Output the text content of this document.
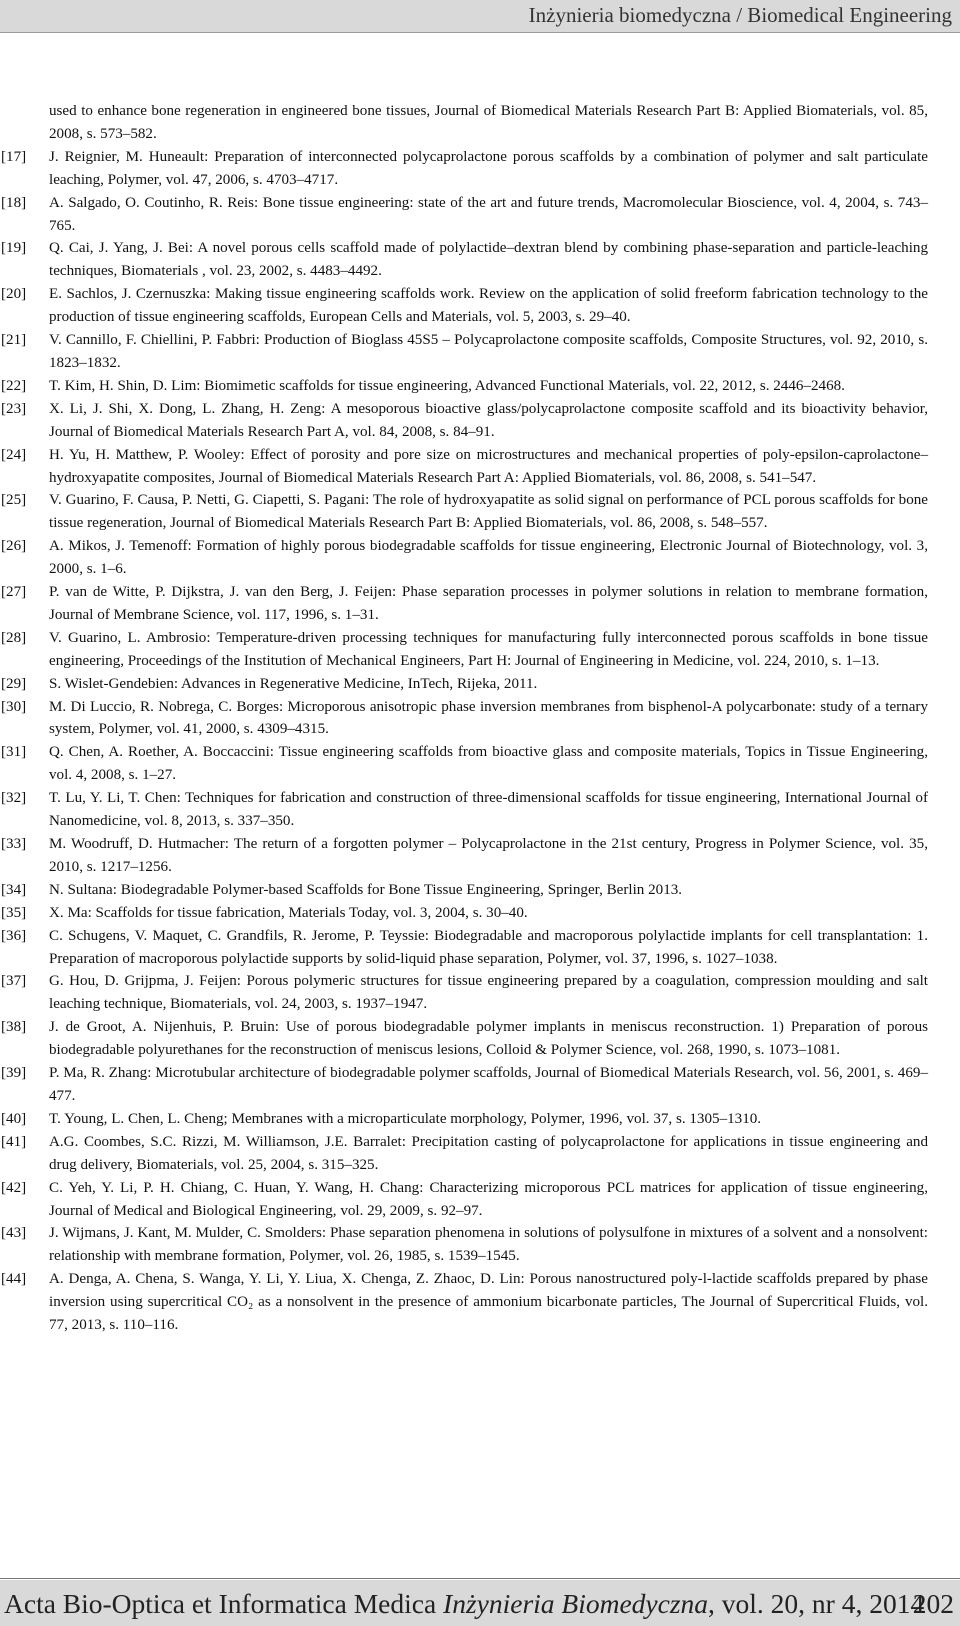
Inżynieria biomedyczna / Biomedical Engineering
used to enhance bone regeneration in engineered bone tissues, Journal of Biomedical Materials Research Part B: Applied Biomaterials, vol. 85, 2008, s. 573–582.
[17]	J. Reignier, M. Huneault: Preparation of interconnected polycaprolactone porous scaffolds by a combination of polymer and salt particulate leaching, Polymer, vol. 47, 2006, s. 4703–4717.
[18]	A. Salgado, O. Coutinho, R. Reis: Bone tissue engineering: state of the art and future trends, Macromolecular Bioscience, vol. 4, 2004, s. 743–765.
[19]	Q. Cai, J. Yang, J. Bei: A novel porous cells scaffold made of polylactide–dextran blend by combining phase-separation and particle-leaching techniques, Biomaterials , vol. 23, 2002, s. 4483–4492.
[20]	E. Sachlos, J. Czernuszka: Making tissue engineering scaffolds work. Review on the application of solid freeform fabrication technology to the production of tissue engineering scaffolds, European Cells and Materials, vol. 5, 2003, s. 29–40.
[21]	V. Cannillo, F. Chiellini, P. Fabbri: Production of Bioglass 45S5 – Polycaprolactone composite scaffolds, Composite Structures, vol. 92, 2010, s. 1823–1832.
[22]	T. Kim, H. Shin, D. Lim: Biomimetic scaffolds for tissue engineering, Advanced Functional Materials, vol. 22, 2012, s. 2446–2468.
[23]	X. Li, J. Shi, X. Dong, L. Zhang, H. Zeng: A mesoporous bioactive glass/polycaprolactone composite scaffold and its bioactivity behavior, Journal of Biomedical Materials Research Part A, vol. 84, 2008, s. 84–91.
[24]	H. Yu, H. Matthew, P. Wooley: Effect of porosity and pore size on microstructures and mechanical properties of poly-epsilon-caprolactone–hydroxyapatite composites, Journal of Biomedical Materials Research Part A: Applied Biomaterials, vol. 86, 2008, s. 541–547.
[25]	V. Guarino, F. Causa, P. Netti, G. Ciapetti, S. Pagani: The role of hydroxyapatite as solid signal on performance of PCL porous scaffolds for bone tissue regeneration, Journal of Biomedical Materials Research Part B: Applied Biomaterials, vol. 86, 2008, s. 548–557.
[26]	A. Mikos, J. Temenoff: Formation of highly porous biodegradable scaffolds for tissue engineering, Electronic Journal of Biotechnology, vol. 3, 2000, s. 1–6.
[27]	P. van de Witte, P. Dijkstra, J. van den Berg, J. Feijen: Phase separation processes in polymer solutions in relation to membrane formation, Journal of Membrane Science, vol. 117, 1996, s. 1–31.
[28]	V. Guarino, L. Ambrosio: Temperature-driven processing techniques for manufacturing fully interconnected porous scaffolds in bone tissue engineering, Proceedings of the Institution of Mechanical Engineers, Part H: Journal of Engineering in Medicine, vol. 224, 2010, s. 1–13.
[29]	S. Wislet-Gendebien: Advances in Regenerative Medicine, InTech, Rijeka, 2011.
[30]	M. Di Luccio, R. Nobrega, C. Borges: Microporous anisotropic phase inversion membranes from bisphenol-A polycarbonate: study of a ternary system, Polymer, vol. 41, 2000, s. 4309–4315.
[31]	Q. Chen, A. Roether, A. Boccaccini: Tissue engineering scaffolds from bioactive glass and composite materials, Topics in Tissue Engineering, vol. 4, 2008, s. 1–27.
[32]	T. Lu, Y. Li, T. Chen: Techniques for fabrication and construction of three-dimensional scaffolds for tissue engineering, International Journal of Nanomedicine, vol. 8, 2013, s. 337–350.
[33]	M. Woodruff, D. Hutmacher: The return of a forgotten polymer – Polycaprolactone in the 21st century, Progress in Polymer Science, vol. 35, 2010, s. 1217–1256.
[34]	N. Sultana: Biodegradable Polymer-based Scaffolds for Bone Tissue Engineering, Springer, Berlin 2013.
[35]	X. Ma: Scaffolds for tissue fabrication, Materials Today, vol. 3, 2004, s. 30–40.
[36]	C. Schugens, V. Maquet, C. Grandfils, R. Jerome, P. Teyssie: Biodegradable and macroporous polylactide implants for cell transplantation: 1. Preparation of macroporous polylactide supports by solid-liquid phase separation, Polymer, vol. 37, 1996, s. 1027–1038.
[37]	G. Hou, D. Grijpma, J. Feijen: Porous polymeric structures for tissue engineering prepared by a coagulation, compression moulding and salt leaching technique, Biomaterials, vol. 24, 2003, s. 1937–1947.
[38]	J. de Groot, A. Nijenhuis, P. Bruin: Use of porous biodegradable polymer implants in meniscus reconstruction. 1) Preparation of porous biodegradable polyurethanes for the reconstruction of meniscus lesions, Colloid & Polymer Science, vol. 268, 1990, s. 1073–1081.
[39]	P. Ma, R. Zhang: Microtubular architecture of biodegradable polymer scaffolds, Journal of Biomedical Materials Research, vol. 56, 2001, s. 469–477.
[40]	T. Young, L. Chen, L. Cheng; Membranes with a microparticulate morphology, Polymer, 1996, vol. 37, s. 1305–1310.
[41]	A.G. Coombes, S.C. Rizzi, M. Williamson, J.E. Barralet: Precipitation casting of polycaprolactone for applications in tissue engineering and drug delivery, Biomaterials, vol. 25, 2004, s. 315–325.
[42]	C. Yeh, Y. Li, P. H. Chiang, C. Huan, Y. Wang, H. Chang: Characterizing microporous PCL matrices for application of tissue engineering, Journal of Medical and Biological Engineering, vol. 29, 2009, s. 92–97.
[43]	J. Wijmans, J. Kant, M. Mulder, C. Smolders: Phase separation phenomena in solutions of polysulfone in mixtures of a solvent and a nonsolvent: relationship with membrane formation, Polymer, vol. 26, 1985, s. 1539–1545.
[44]	A. Denga, A. Chena, S. Wanga, Y. Li, Y. Liua, X. Chenga, Z. Zhaoc, D. Lin: Porous nanostructured poly-l-lactide scaffolds prepared by phase inversion using supercritical CO₂ as a nonsolvent in the presence of ammonium bicarbonate particles, The Journal of Supercritical Fluids, vol. 77, 2013, s. 110–116.
Acta Bio-Optica et Informatica Medica Inżynieria Biomedyczna, vol. 20, nr 4, 2014
202
